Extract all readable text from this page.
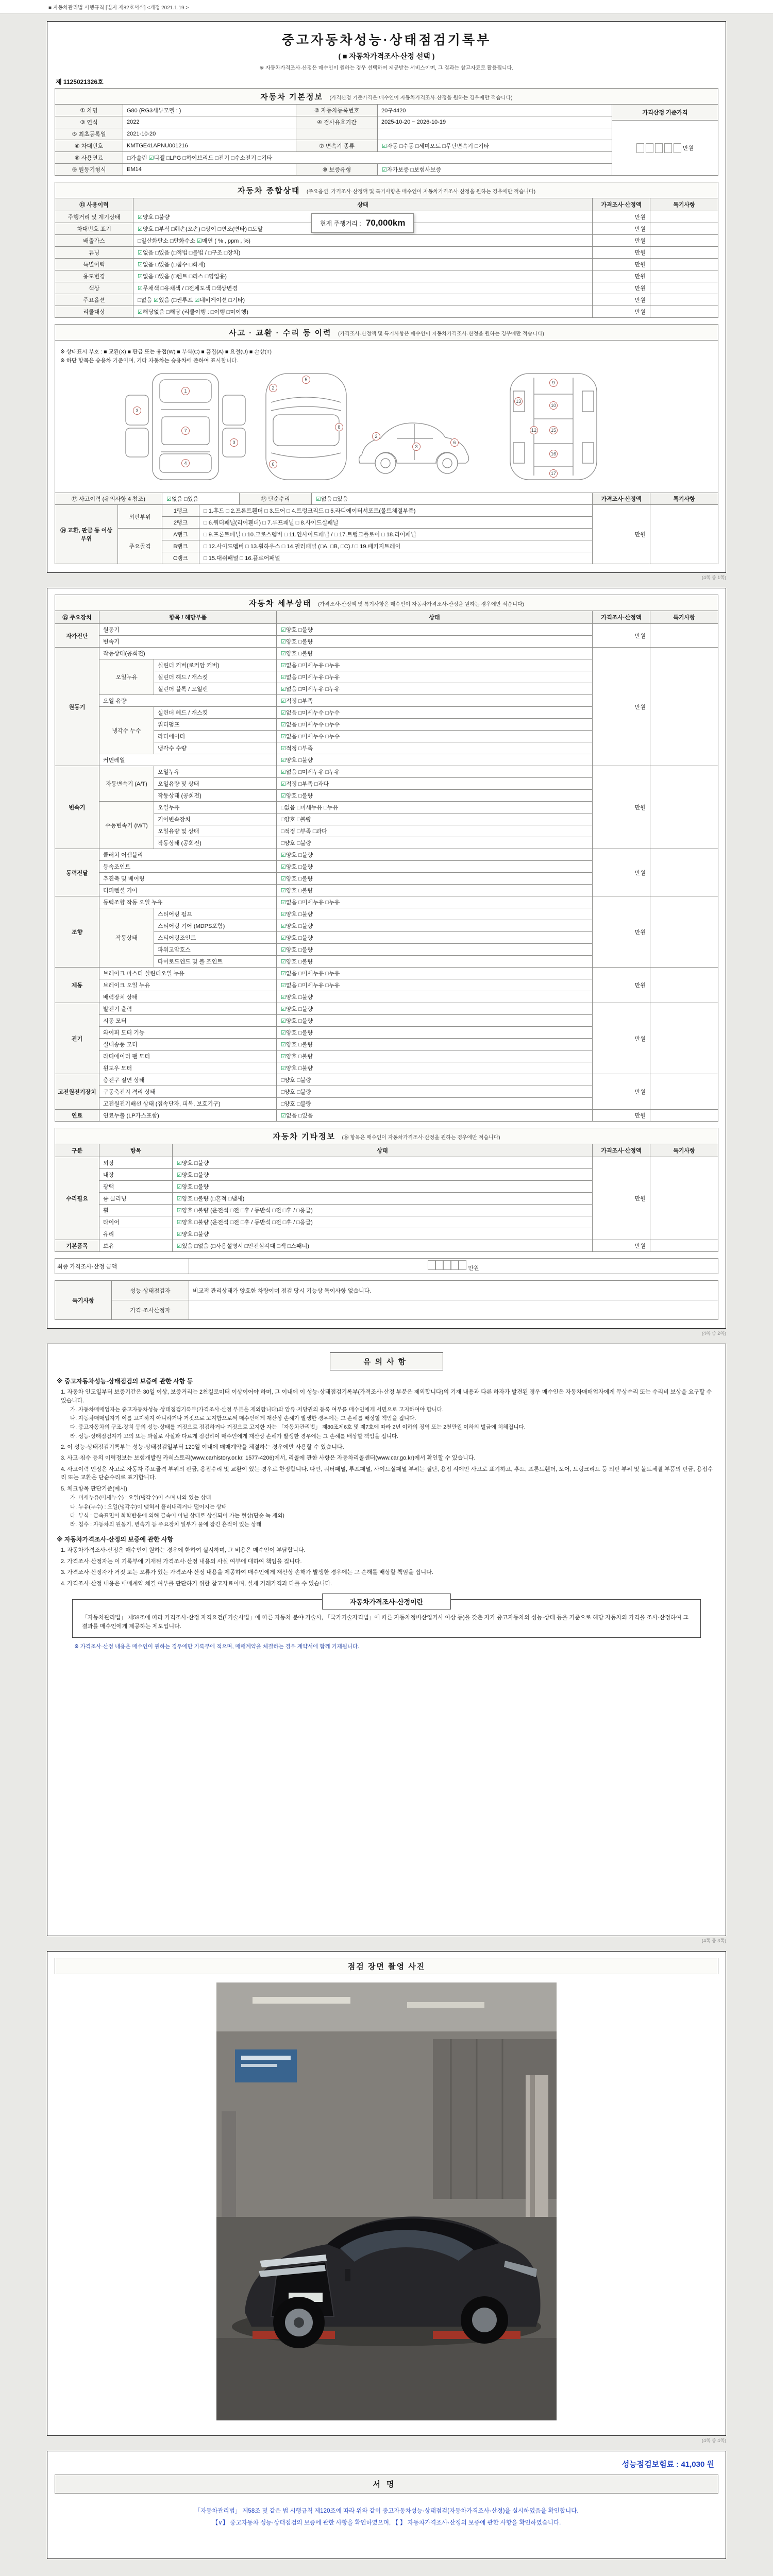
■ 자동차관리법 시행규칙 [별지 제82호서식] <개정 2021.1.19.>
중고자동차성능·상태점검기록부
( ■ 자동차가격조사·산정 선택 )
※ 자동차가격조사·산정은 매수인이 원하는 경우 선택하여 제공받는 서비스이며, 그 결과는 참고자료로 활용됩니다.
제 1125021326호
자동차 기본정보 (가격산정 기준가격은 매수인이 자동차가격조사·산정을 원하는 경우에만 적습니다)
① 차명	G80 (RG3세부모델 : )	② 자동차등록번호	20구4420
③ 연식	2022	④ 검사유효기간	2025-10-20 ~ 2026-10-19
⑤ 최초등록일	2021-10-20		
⑥ 차대번호	KMTGE41APNU001216	⑦ 변속기 종류	☑자동 □수동 □세미오토 □무단변속기 □기타
⑧ 사용연료	□가솔린 ☑디젤 □LPG □하이브리드 □전기 □수소전기 □기타		
⑨ 원동기형식	EM14	⑩ 보증유형	☑자가보증 □보험사보증
가격산정 기준가격
만원
자동차 종합상태 (주요옵션, 가격조사·산정액 및 특기사항은 매수인이 자동차가격조사·산정을 원하는 경우에만 적습니다)
⑪ 사용이력	상태	가격조사·산정액	특기사항
주행거리 및 계기상태	☑양호 □불량	만원	
차대번호 표기	☑양호 □부식 □훼손(오손) □상이 □변조(변타) □도말	만원	
배출가스	□일산화탄소 □탄화수소 ☑매연 ( % , ppm , %)	만원	
튜닝	☑없음 □있음 (□적법 □불법 / □구조 □장치)	만원	
특별이력	☑없음 □있음 (□침수 □화재)	만원	
용도변경	☑없음 □있음 (□렌트 □리스 □영업용)	만원	
색상	☑무채색 □유채색 / □전체도색 □색상변경	만원	
주요옵션	□없음 ☑있음 (□썬루프 ☑네비게이션 □기타)	만원	
리콜대상	☑해당없음 □해당 (리콜이행 : □이행 □미이행)	만원	
현재 주행거리 : 70,000km
사고 · 교환 · 수리 등 이력 (가격조사·산정액 및 특기사항은 매수인이 자동차가격조사·산정을 원하는 경우에만 적습니다)
※ 상태표시 부호 : ■ 교환(X) ■ 판금 또는 용접(W) ■ 부식(C) ■ 흠집(A) ■ 요철(U) ■ 손상(T)
※ 하단 항목은 승용차 기준이며, 기타 자동차는 승용차에 준하여 표시합니다.
1
7
4
3
3
2
6
5
8
2
3
6
9
10
12
13
15
16
17
⑫ 사고이력 (유의사항 4 참조)	☑없음 □있음	⑬ 단순수리	☑없음 □있음	가격조사·산정액	특기사항
⑭ 교환, 판금 등 이상 부위	외판부위	1랭크	□ 1.후드 □ 2.프론트휀더 □ 3.도어 □ 4.트렁크리드 □ 5.라디에이터서포트(볼트체결부품)	만원	
		2랭크	□ 6.쿼터패널(리어휀더) □ 7.루프패널 □ 8.사이드실패널		
	주요골격	A랭크	□ 9.프론트패널 □ 10.크로스멤버 □ 11.인사이드패널 / □ 17.트렁크플로어 □ 18.리어패널		
		B랭크	□ 12.사이드멤버 □ 13.휠하우스 □ 14.필러패널 (□A, □B, □C) / □ 19.패키지트레이		
		C랭크	□ 15.대쉬패널 □ 16.플로어패널		
(4쪽 중 1쪽)
자동차 세부상태 (가격조사·산정액 및 특기사항은 매수인이 자동차가격조사·산정을 원하는 경우에만 적습니다)
⑮ 주요장치	항목 / 해당부품		상태	가격조사·산정액	특기사항
자가진단	원동기		☑양호 □불량	만원	
	변속기		☑양호 □불량		
원동기	작동상태(공회전)		☑양호 □불량	만원	
	오일누유	실린더 커버(로커암 커버)	☑없음 □미세누유 □누유		
		실린더 헤드 / 개스킷	☑없음 □미세누유 □누유		
		실린더 블록 / 오일팬	☑없음 □미세누유 □누유		
	오일 유량		☑적정 □부족		
	냉각수 누수	실린더 헤드 / 개스킷	☑없음 □미세누수 □누수		
		워터펌프	☑없음 □미세누수 □누수		
		라디에이터	☑없음 □미세누수 □누수		
		냉각수 수량	☑적정 □부족		
	커먼레일		☑양호 □불량		
변속기	자동변속기 (A/T)	오일누유	☑없음 □미세누유 □누유	만원	
		오일유량 및 상태	☑적정 □부족 □과다		
		작동상태 (공회전)	☑양호 □불량		
	수동변속기 (M/T)	오일누유	□없음 □미세누유 □누유		
		기어변속장치	□양호 □불량		
		오일유량 및 상태	□적정 □부족 □과다		
		작동상태 (공회전)	□양호 □불량		
동력전달	클러치 어셈블리		☑양호 □불량	만원	
	등속조인트		☑양호 □불량		
	추진축 및 베어링		☑양호 □불량		
	디퍼렌셜 기어		☑양호 □불량		
조향	동력조향 작동 오일 누유		☑없음 □미세누유 □누유	만원	
	작동상태	스티어링 펌프	☑양호 □불량		
		스티어링 기어 (MDPS포함)	☑양호 □불량		
		스티어링조인트	☑양호 □불량		
		파워고압호스	☑양호 □불량		
		타이로드엔드 및 볼 조인트	☑양호 □불량		
제동	브레이크 마스터 실린더오일 누유		☑없음 □미세누유 □누유	만원	
	브레이크 오일 누유		☑없음 □미세누유 □누유		
	배력장치 상태		☑양호 □불량		
전기	발전기 출력		☑양호 □불량	만원	
	시동 모터		☑양호 □불량		
	와이퍼 모터 기능		☑양호 □불량		
	실내송풍 모터		☑양호 □불량		
	라디에이터 팬 모터		☑양호 □불량		
	윈도우 모터		☑양호 □불량		
고전원전기장치	충전구 절연 상태		□양호 □불량	만원	
	구동축전지 격리 상태		□양호 □불량		
	고전원전기배선 상태 (접속단자, 피복, 보호기구)		□양호 □불량		
연료	연료누출 (LP가스포함)		☑없음 □있음	만원	
자동차 기타정보 (⑯ 항목은 매수인이 자동차가격조사·산정을 원하는 경우에만 적습니다)
구분	항목	상태	가격조사·산정액	특기사항
수리필요	외장	☑양호 □불량	만원	
	내장	☑양호 □불량		
	광택	☑양호 □불량		
	룸 클리닝	☑양호 □불량 (□흔적 □냄새)		
	휠	☑양호 □불량 (운전석 □전 □후 / 동반석 □전 □후 / □응급)		
	타이어	☑양호 □불량 (운전석 □전 □후 / 동반석 □전 □후 / □응급)		
	유리	☑양호 □불량		
기본품목	보유	☑있음 □없음 (□사용설명서 □안전삼각대 □잭 □스패너)	만원	
최종 가격조사·산정 금액	만원
특기사항	성능·상태점검자	비교적 관리상태가 양호한 차량이며 점검 당시 기능상 특이사항 없습니다.
	가격·조사산정자	
(4쪽 중 2쪽)
유의사항
※ 중고자동차성능·상태점검의 보증에 관한 사항 등

1. 자동차 인도일부터 보증기간은 30일 이상, 보증거리는 2천킬로미터 이상이어야 하며, 그 이내에 이 성능·상태점검기록부(가격조사·산정 부분은 제외합니다)의 기재 내용과 다른 하자가 발견된 경우 매수인은 자동차매매업자에게 무상수리 또는 수리비 보상을 요구할 수 있습니다.

가. 자동차매매업자는 중고자동차성능·상태점검기록부(가격조사·산정 부분은 제외합니다)와 압류·저당권의 등록 여부를 매수인에게 서면으로 고지하여야 합니다.

나. 자동차매매업자가 이를 고지하지 아니하거나 거짓으로 고지함으로써 매수인에게 재산상 손해가 발생한 경우에는 그 손해를 배상할 책임을 집니다.

다. 중고자동차의 구조·장치 등의 성능·상태를 거짓으로 점검하거나 거짓으로 고지한 자는 「자동차관리법」 제80조제6호 및 제7호에 따라 2년 이하의 징역 또는 2천만원 이하의 벌금에 처해집니다.

라. 성능·상태점검자가 고의 또는 과실로 사실과 다르게 점검하여 매수인에게 재산상 손해가 발생한 경우에는 그 손해를 배상할 책임을 집니다.

2. 이 성능·상태점검기록부는 성능·상태점검일부터 120일 이내에 매매계약을 체결하는 경우에만 사용할 수 있습니다.

3. 사고·침수 등의 이력정보는 보험개발원 카히스토리(www.carhistory.or.kr, 1577-4206)에서, 리콜에 관한 사항은 자동차리콜센터(www.car.go.kr)에서 확인할 수 있습니다.

4. 사고이력 인정은 사고로 자동차 주요골격 부위의 판금, 용접수리 및 교환이 있는 경우로 한정합니다. 다만, 쿼터패널, 루프패널, 사이드실패널 부위는 절단, 용접 시에만 사고로 표기하고, 후드, 프론트휀더, 도어, 트렁크리드 등 외판 부위 및 볼트체결 부품의 판금, 용접수리 또는 교환은 단순수리로 표기합니다.

5. 체크항목 판단기준(예시)

가. 미세누유(미세누수) : 오일(냉각수)이 스며 나와 있는 상태

나. 누유(누수) : 오일(냉각수)이 맺혀서 흘러내리거나 떨어지는 상태

다. 부식 : 금속표면이 화학반응에 의해 금속이 아닌 상태로 상실되어 가는 현상(단순 녹 제외)

라. 침수 : 자동차의 원동기, 변속기 등 주요장치 일부가 물에 잠긴 흔적이 있는 상태

※ 자동차가격조사·산정의 보증에 관한 사항

1. 자동차가격조사·산정은 매수인이 원하는 경우에 한하여 실시하며, 그 비용은 매수인이 부담합니다.

2. 가격조사·산정자는 이 기록부에 기재된 가격조사·산정 내용의 사실 여부에 대하여 책임을 집니다.

3. 가격조사·산정자가 거짓 또는 오류가 있는 가격조사·산정 내용을 제공하여 매수인에게 재산상 손해가 발생한 경우에는 그 손해를 배상할 책임을 집니다.

4. 가격조사·산정 내용은 매매계약 체결 여부를 판단하기 위한 참고자료이며, 실제 거래가격과 다를 수 있습니다.

자동차가격조사·산정이란
「자동차관리법」 제58조에 따라 가격조사·산정 자격요건(「기술사법」에 따른 자동차 분야 기술사, 「국가기술자격법」에 따른 자동차정비산업기사 이상 등)을 갖춘 자가 중고자동차의 성능·상태 등을 기준으로 해당 자동차의 가격을 조사·산정하여 그 결과를 매수인에게 제공하는 제도입니다.
※ 가격조사·산정 내용은 매수인이 원하는 경우에만 기록부에 적으며, 매매계약을 체결하는 경우 계약서에 함께 기재됩니다.
(4쪽 중 3쪽)
점검 장면 촬영 사진
(4쪽 중 4쪽)
성능점검보험료 : 41,030 원
서명

「자동차관리법」 제58조 및 같은 법 시행규칙 제120조에 따라 위와 같이 중고자동차성능·상태점검(자동차가격조사·산정)을 실시하였음을 확인합니다.

【∨】 중고자동차 성능·상태점검의 보증에 관한 사항을 확인하였으며, 【 】 자동차가격조사·산정의 보증에 관한 사항을 확인하였습니다.
